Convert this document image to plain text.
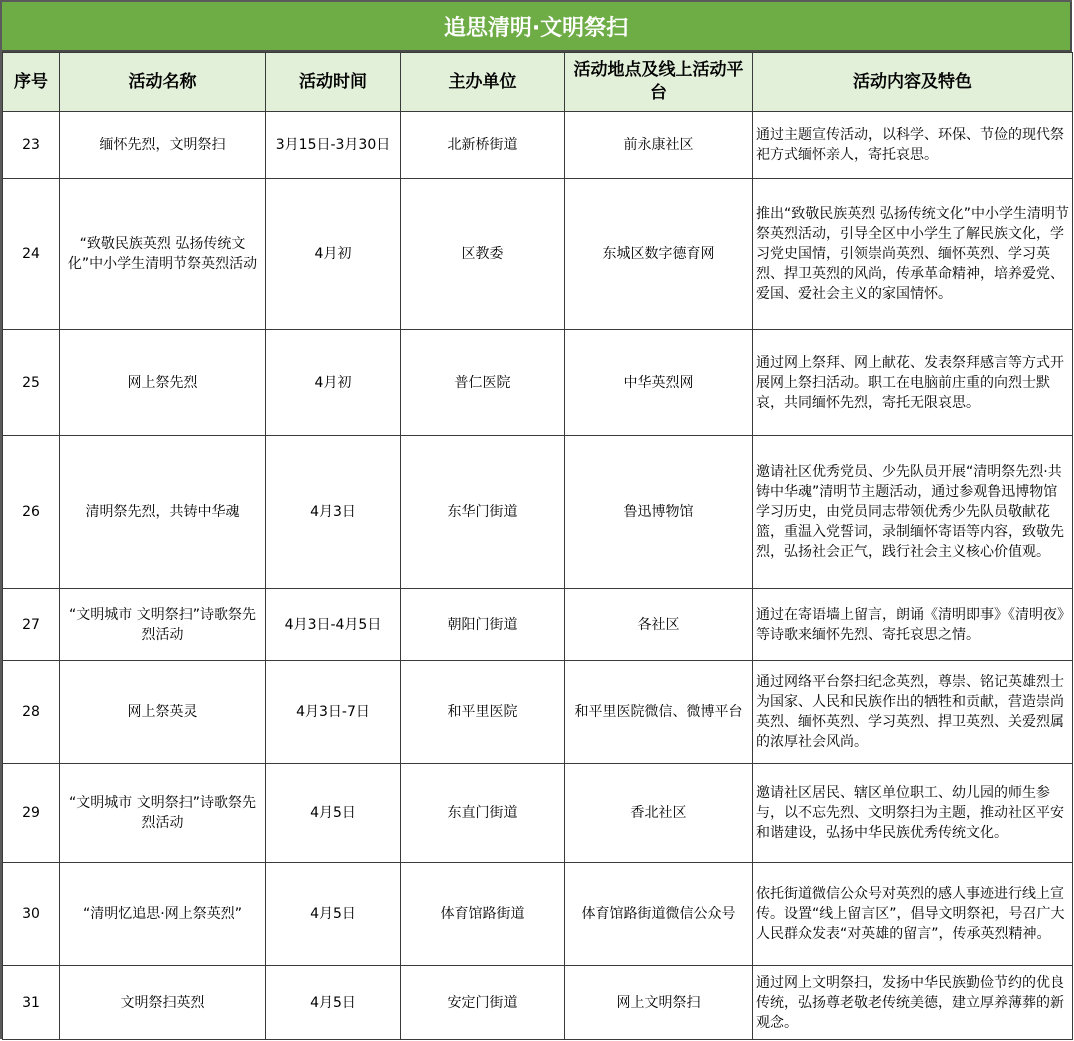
追思清明·文明祭扫
序号	活动名称	活动时间	主办单位	活动地点及线上活动平台	活动内容及特色
23	缅怀先烈，文明祭扫	3月15日-3月30日	北新桥街道	前永康社区	通过主题宣传活动，以科学、环保、节俭的现代祭祀方式缅怀亲人，寄托哀思。
24	“致敬民族英烈 弘扬传统文化”中小学生清明节祭英烈活动	4月初	区教委	东城区数字德育网	推出“致敬民族英烈 弘扬传统文化”中小学生清明节祭英烈活动，引导全区中小学生了解民族文化，学习党史国情，引领崇尚英烈、缅怀英烈、学习英烈、捍卫英烈的风尚，传承革命精神，培养爱党、爱国、爱社会主义的家国情怀。
25	网上祭先烈	4月初	普仁医院	中华英烈网	通过网上祭拜、网上献花、发表祭拜感言等方式开展网上祭扫活动。职工在电脑前庄重的向烈士默哀，共同缅怀先烈，寄托无限哀思。
26	清明祭先烈，共铸中华魂	4月3日	东华门街道	鲁迅博物馆	邀请社区优秀党员、少先队员开展“清明祭先烈·共铸中华魂”清明节主题活动，通过参观鲁迅博物馆学习历史，由党员同志带领优秀少先队员敬献花篮，重温入党誓词，录制缅怀寄语等内容，致敬先烈，弘扬社会正气，践行社会主义核心价值观。
27	“文明城市 文明祭扫”诗歌祭先烈活动	4月3日-4月5日	朝阳门街道	各社区	通过在寄语墙上留言，朗诵《清明即事》《清明夜》等诗歌来缅怀先烈、寄托哀思之情。
28	网上祭英灵	4月3日-7日	和平里医院	和平里医院微信、微博平台	通过网络平台祭扫纪念英烈，尊崇、铭记英雄烈士为国家、人民和民族作出的牺牲和贡献，营造崇尚英烈、缅怀英烈、学习英烈、捍卫英烈、关爱烈属的浓厚社会风尚。
29	“文明城市 文明祭扫”诗歌祭先烈活动	4月5日	东直门街道	香北社区	邀请社区居民、辖区单位职工、幼儿园的师生参与，以不忘先烈、文明祭扫为主题，推动社区平安和谐建设，弘扬中华民族优秀传统文化。
30	“清明忆追思·网上祭英烈”	4月5日	体育馆路街道	体育馆路街道微信公众号	依托街道微信公众号对英烈的感人事迹进行线上宣传。设置“线上留言区”，倡导文明祭祀，号召广大人民群众发表“对英雄的留言”，传承英烈精神。
31	文明祭扫英烈	4月5日	安定门街道	网上文明祭扫	通过网上文明祭扫，发扬中华民族勤俭节约的优良传统，弘扬尊老敬老传统美德，建立厚养薄葬的新观念。
